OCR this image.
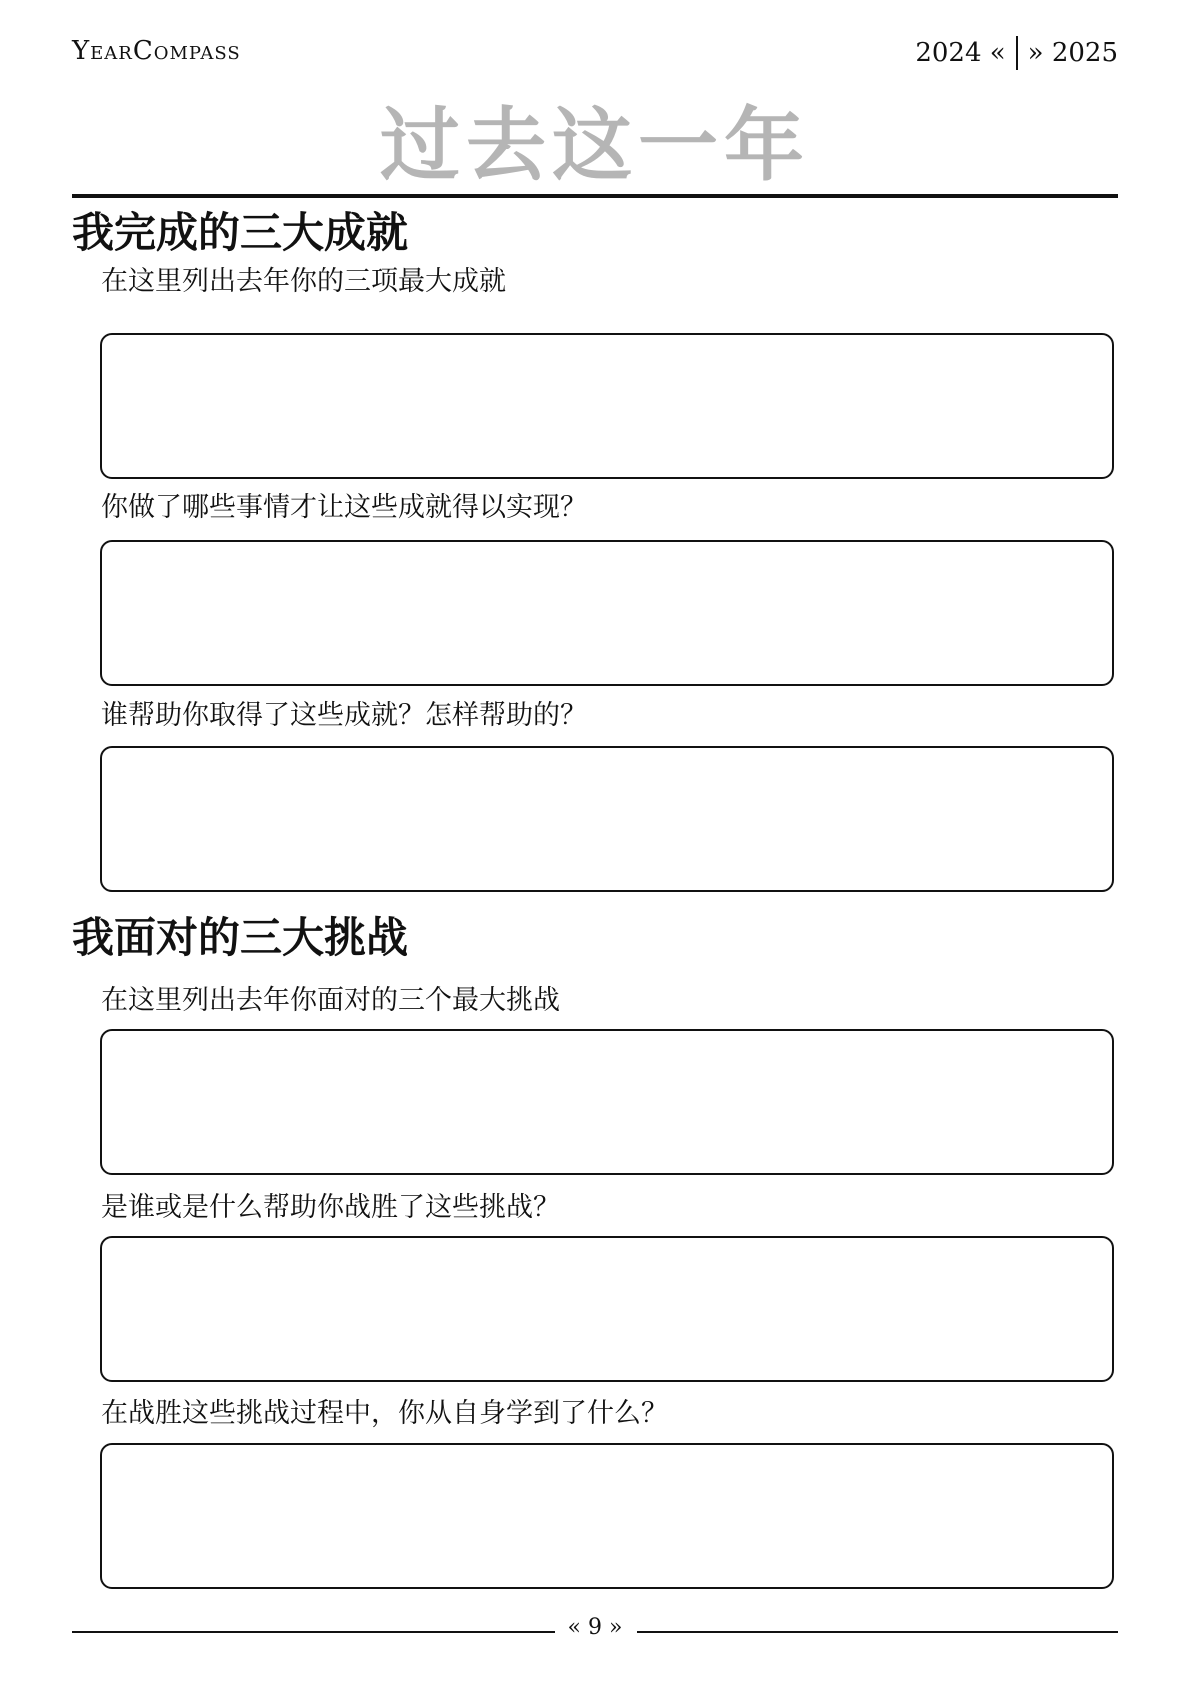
YearCompass	2024 « » 2025
过去这一年
我完成的三大成就
在这里列出去年你的三项最大成就
你做了哪些事情才让这些成就得以实现？
谁帮助你取得了这些成就？怎样帮助的？
我面对的三大挑战
在这里列出去年你面对的三个最大挑战
是谁或是什么帮助你战胜了这些挑战？
在战胜这些挑战过程中，你从自身学到了什么？
« 9 »
